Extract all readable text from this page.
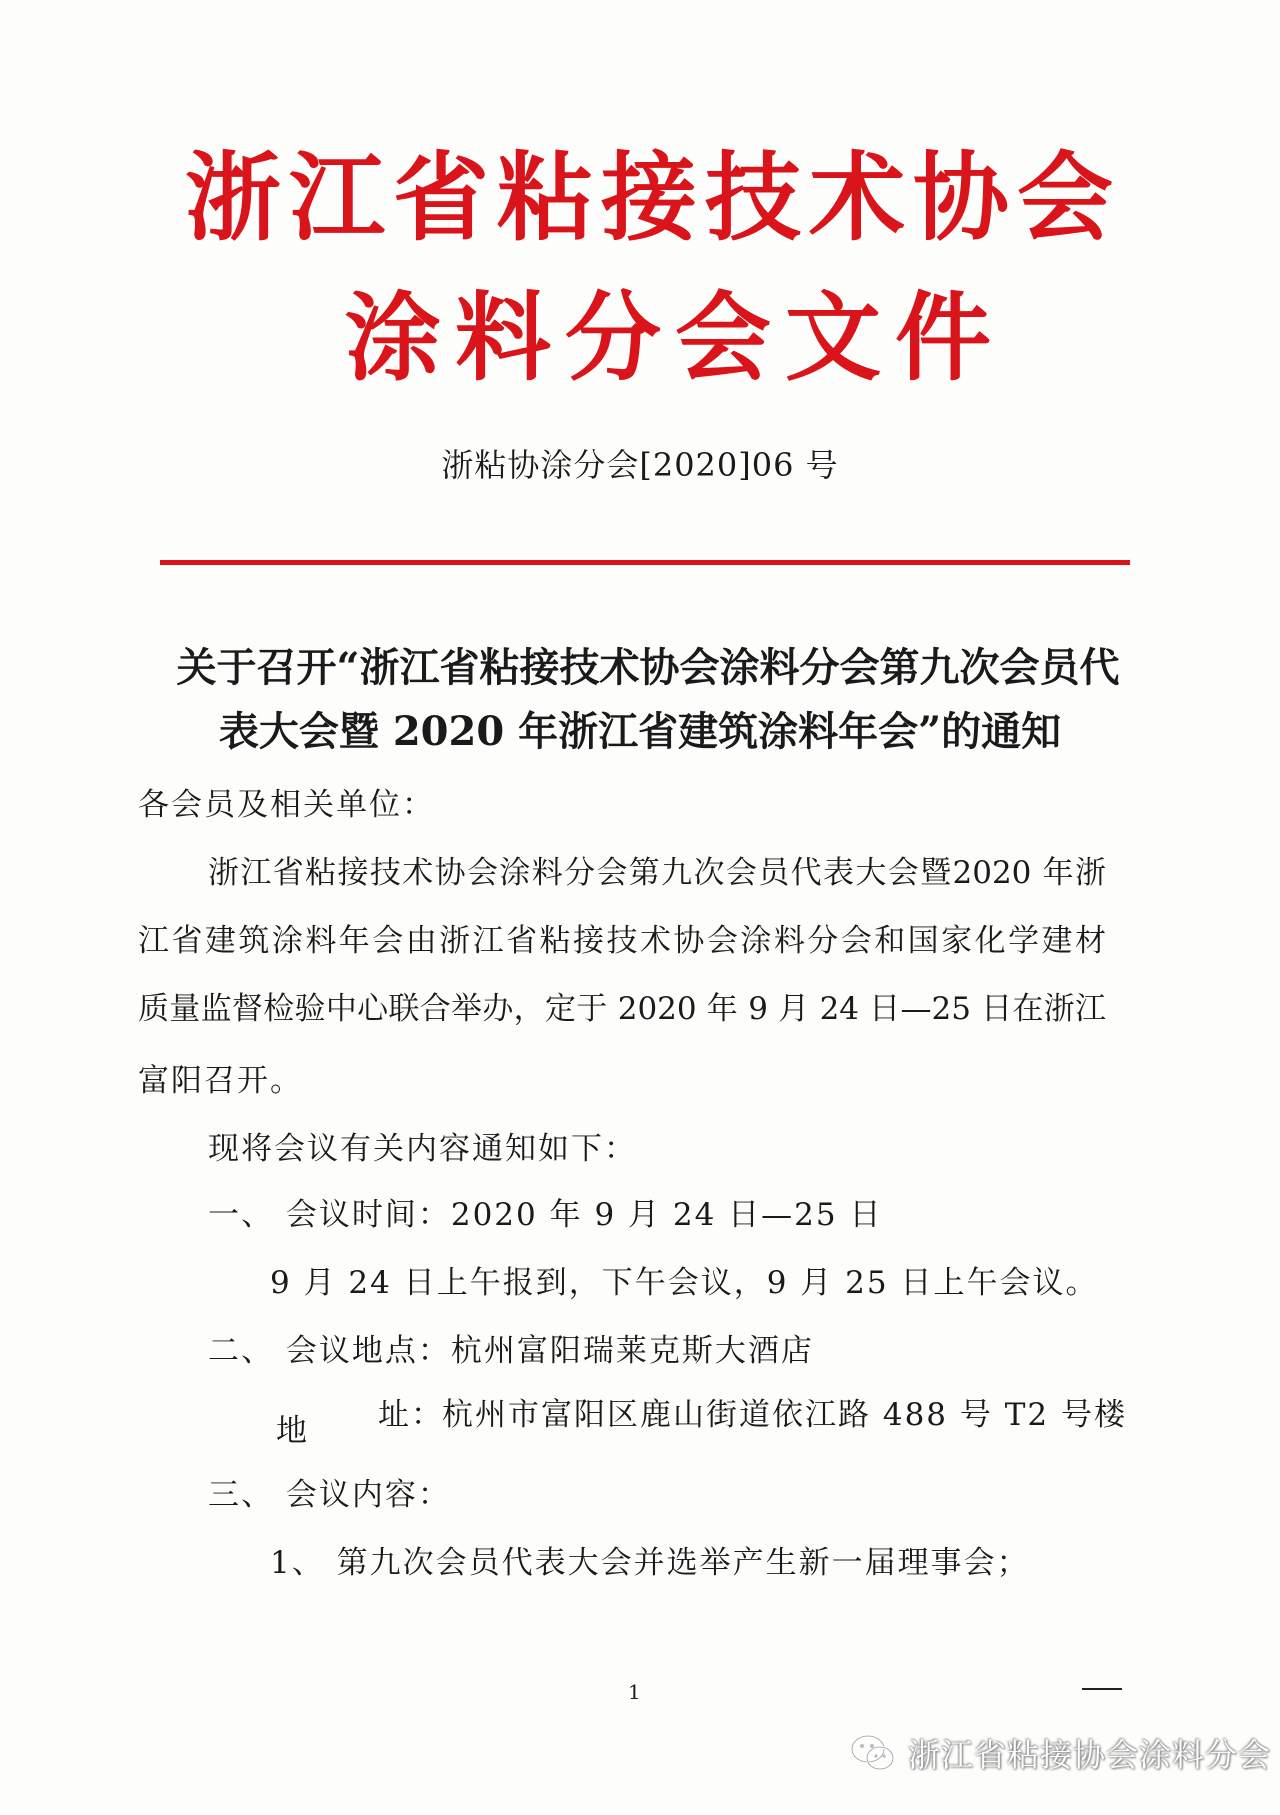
浙江省粘接技术协会
涂料分会文件
浙粘协涂分会[2020]06 号
关于召开“浙江省粘接技术协会涂料分会第九次会员代
表大会暨 2020 年浙江省建筑涂料年会”的通知
各会员及相关单位：
浙江省粘接技术协会涂料分会第九次会员代表大会暨2020 年浙
江省建筑涂料年会由浙江省粘接技术协会涂料分会和国家化学建材
质量监督检验中心联合举办，定于 2020 年 9 月 24 日—25 日在浙江
富阳召开。
现将会议有关内容通知如下：
一、 会议时间：2020 年 9 月 24 日—25 日
9 月 24 日上午报到，下午会议，9 月 25 日上午会议。
二、 会议地点：杭州富阳瑞莱克斯大酒店
地 址：
杭州市富阳区鹿山街道依江路 488 号 T2 号楼
三、 会议内容：
1、 第九次会员代表大会并选举产生新一届理事会；
1
浙江省粘接协会涂料分会
